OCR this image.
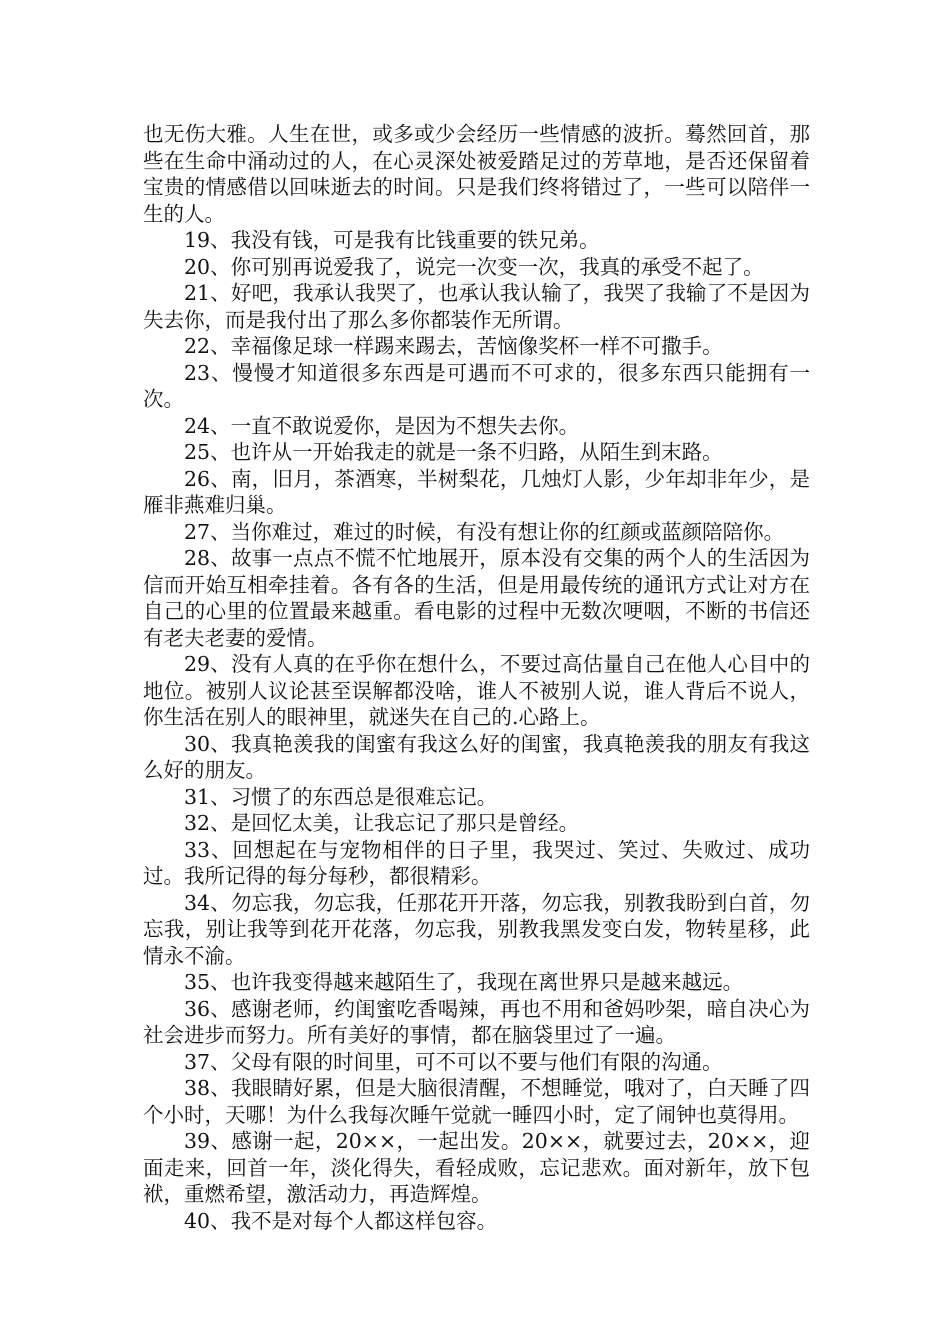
也无伤大雅。人生在世，或多或少会经历一些情感的波折。蓦然回首，那些在生命中涌动过的人，在心灵深处被爱踏足过的芳草地，是否还保留着宝贵的情感借以回味逝去的时间。只是我们终将错过了，一些可以陪伴一生的人。

19、我没有钱，可是我有比钱重要的铁兄弟。

20、你可别再说爱我了，说完一次变一次，我真的承受不起了。

21、好吧，我承认我哭了，也承认我认输了，我哭了我输了不是因为失去你，而是我付出了那么多你都装作无所谓。

22、幸福像足球一样踢来踢去，苦恼像奖杯一样不可撒手。

23、慢慢才知道很多东西是可遇而不可求的，很多东西只能拥有一次。

24、一直不敢说爱你，是因为不想失去你。

25、也许从一开始我走的就是一条不归路，从陌生到末路。

26、南，旧月，茶酒寒，半树梨花，几烛灯人影，少年却非年少，是雁非燕难归巢。

27、当你难过，难过的时候，有没有想让你的红颜或蓝颜陪陪你。

28、故事一点点不慌不忙地展开，原本没有交集的两个人的生活因为信而开始互相牵挂着。各有各的生活，但是用最传统的通讯方式让对方在自己的心里的位置最来越重。看电影的过程中无数次哽咽，不断的书信还有老夫老妻的爱情。

29、没有人真的在乎你在想什么，不要过高估量自己在他人心目中的地位。被别人议论甚至误解都没啥，谁人不被别人说，谁人背后不说人，你生活在别人的眼神里，就迷失在自己的.心路上。

30、我真艳羡我的闺蜜有我这么好的闺蜜，我真艳羡我的朋友有我这么好的朋友。

31、习惯了的东西总是很难忘记。

32、是回忆太美，让我忘记了那只是曾经。

33、回想起在与宠物相伴的日子里，我哭过、笑过、失败过、成功过。我所记得的每分每秒，都很精彩。

34、勿忘我，勿忘我，任那花开开落，勿忘我，别教我盼到白首，勿忘我，别让我等到花开花落，勿忘我，别教我黑发变白发，物转星移，此情永不渝。

35、也许我变得越来越陌生了，我现在离世界只是越来越远。

36、感谢老师，约闺蜜吃香喝辣，再也不用和爸妈吵架，暗自决心为社会进步而努力。所有美好的事情，都在脑袋里过了一遍。

37、父母有限的时间里，可不可以不要与他们有限的沟通。

38、我眼睛好累，但是大脑很清醒，不想睡觉，哦对了，白天睡了四个小时，天哪！为什么我每次睡午觉就一睡四小时，定了闹钟也莫得用。

39、感谢一起，20××，一起出发。20××，就要过去，20××，迎面走来，回首一年，淡化得失，看轻成败，忘记悲欢。面对新年，放下包袱，重燃希望，激活动力，再造辉煌。

40、我不是对每个人都这样包容。
